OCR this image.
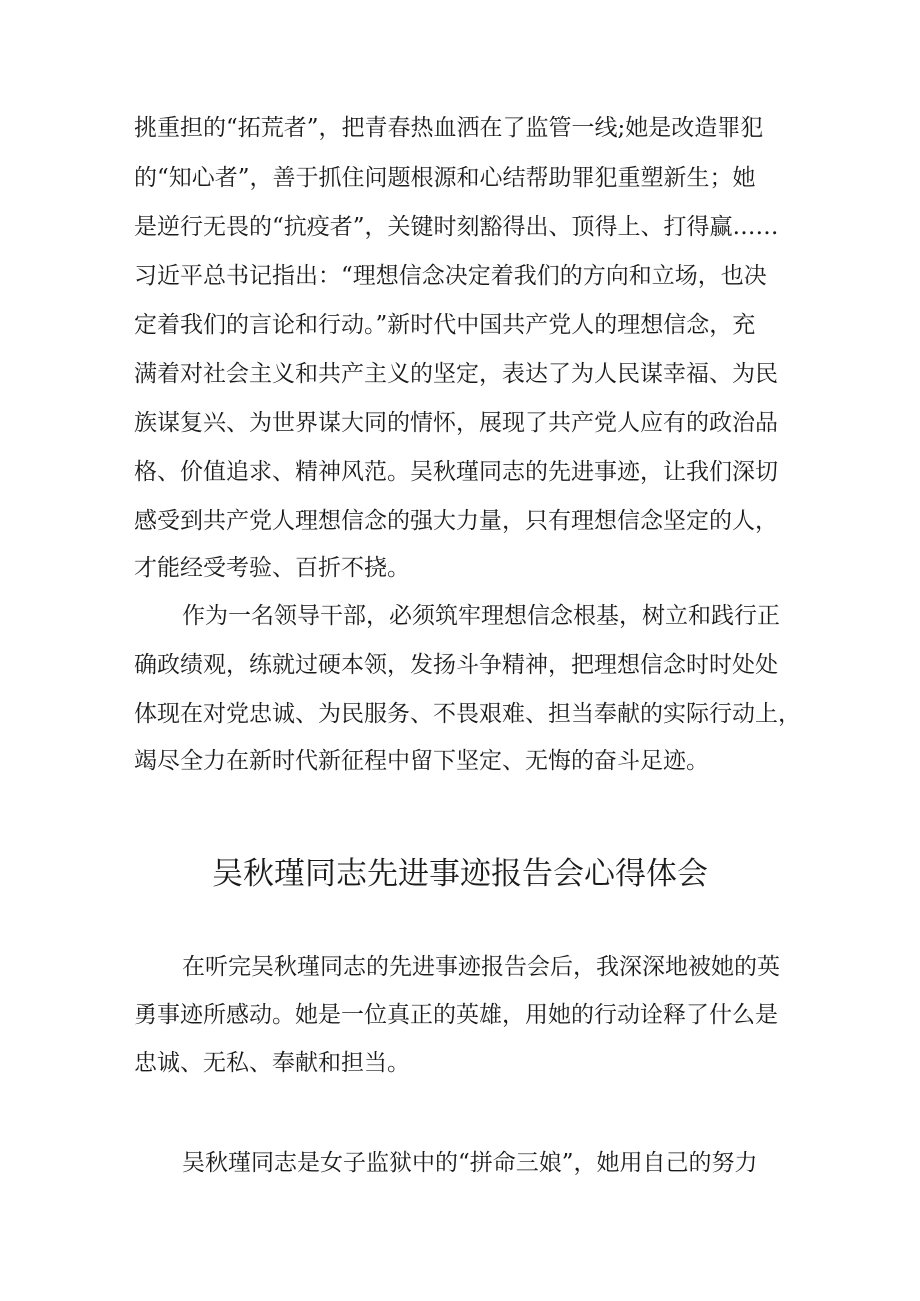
挑重担的“拓荒者”，把青春热血洒在了监管一线;她是改造罪犯
的“知心者”，善于抓住问题根源和心结帮助罪犯重塑新生；她
是逆行无畏的“抗疫者”，关键时刻豁得出、顶得上、打得赢……
习近平总书记指出：“理想信念决定着我们的方向和立场，也决
定着我们的言论和行动。”新时代中国共产党人的理想信念，充
满着对社会主义和共产主义的坚定，表达了为人民谋幸福、为民
族谋复兴、为世界谋大同的情怀，展现了共产党人应有的政治品
格、价值追求、精神风范。吴秋瑾同志的先进事迹，让我们深切
感受到共产党人理想信念的强大力量，只有理想信念坚定的人，
才能经受考验、百折不挠。
作为一名领导干部，必须筑牢理想信念根基，树立和践行正
确政绩观，练就过硬本领，发扬斗争精神，把理想信念时时处处
体现在对党忠诚、为民服务、不畏艰难、担当奉献的实际行动上，
竭尽全力在新时代新征程中留下坚定、无悔的奋斗足迹。
吴秋瑾同志先进事迹报告会心得体会
在听完吴秋瑾同志的先进事迹报告会后，我深深地被她的英
勇事迹所感动。她是一位真正的英雄，用她的行动诠释了什么是
忠诚、无私、奉献和担当。
吴秋瑾同志是女子监狱中的“拼命三娘”，她用自己的努力
